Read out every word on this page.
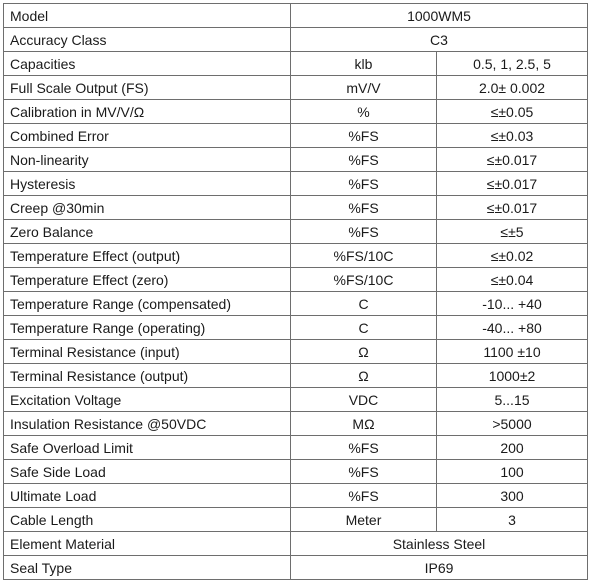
Model	1000WM5	
Accuracy Class	C3	
Capacities	klb	0.5, 1, 2.5, 5
Full Scale Output (FS)	mV/V	2.0± 0.002
Calibration in MV/V/Ω	%	≤±0.05
Combined Error	%FS	≤±0.03
Non-linearity	%FS	≤±0.017
Hysteresis	%FS	≤±0.017
Creep @30min	%FS	≤±0.017
Zero Balance	%FS	≤±5
Temperature Effect (output)	%FS/10C	≤±0.02
Temperature Effect (zero)	%FS/10C	≤±0.04
Temperature Range (compensated)	C	-10... +40
Temperature Range (operating)	C	-40... +80
Terminal Resistance (input)	Ω	1100 ±10
Terminal Resistance (output)	Ω	1000±2
Excitation Voltage	VDC	5...15
Insulation Resistance @50VDC	MΩ	>5000
Safe Overload Limit	%FS	200
Safe Side Load	%FS	100
Ultimate Load	%FS	300
Cable Length	Meter	3
Element Material	Stainless Steel	
Seal Type	IP69	
